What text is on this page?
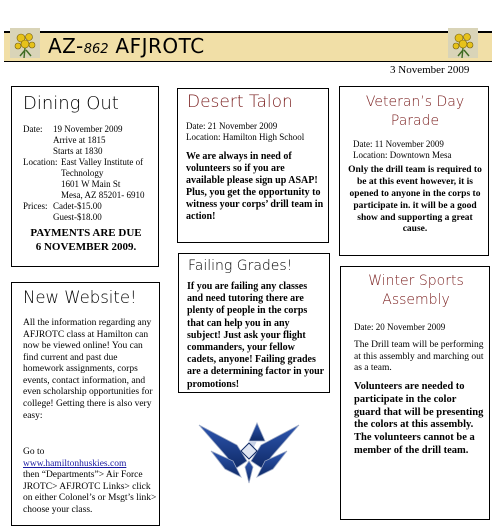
AZ-862 AFJROTC
3 November 2009
Dining Out
Date: 19 November 2009
Arrive at 1815
Starts at 1830
Location: East Valley Institute of
Technology
1601 W Main St
Mesa, AZ 85201- 6910
Prices: Cadet-$15.00
Guest-$18.00
PAYMENTS ARE DUE
6 NOVEMBER 2009.
Desert Talon
Date: 21 November 2009
Location: Hamilton High School
We are always in need of volunteers so if you are available please sign up ASAP! Plus, you get the opportunity to witness your corps’ drill team in action!
Veteran’s Day
Parade
Date: 11 November 2009
Location: Downtown Mesa
Only the drill team is required to be at this event however, it is opened to anyone in the corps to participate in. it will be a good show and supporting a great cause.
Failing Grades!
If you are failing any classes and need tutoring there are plenty of people in the corps that can help you in any subject! Just ask your flight commanders, your fellow cadets, anyone! Failing grades are a determining factor in your promotions!
New Website!
All the information regarding any AFJROTC class at Hamilton can now be viewed online! You can find current and past due homework assignments, corps events, contact information, and even scholarship opportunities for college! Getting there is also very easy:
Go to
www.hamiltonhuskies.com
then “Departments”> Air Force JROTC> AFJROTC Links> click on either Colonel’s or Msgt’s link> choose your class.
Winter Sports
Assembly
Date: 20 November 2009
The Drill team will be performing at this assembly and marching out as a team.
Volunteers are needed to participate in the color guard that will be presenting the colors at this assembly. The volunteers cannot be a member of the drill team.
